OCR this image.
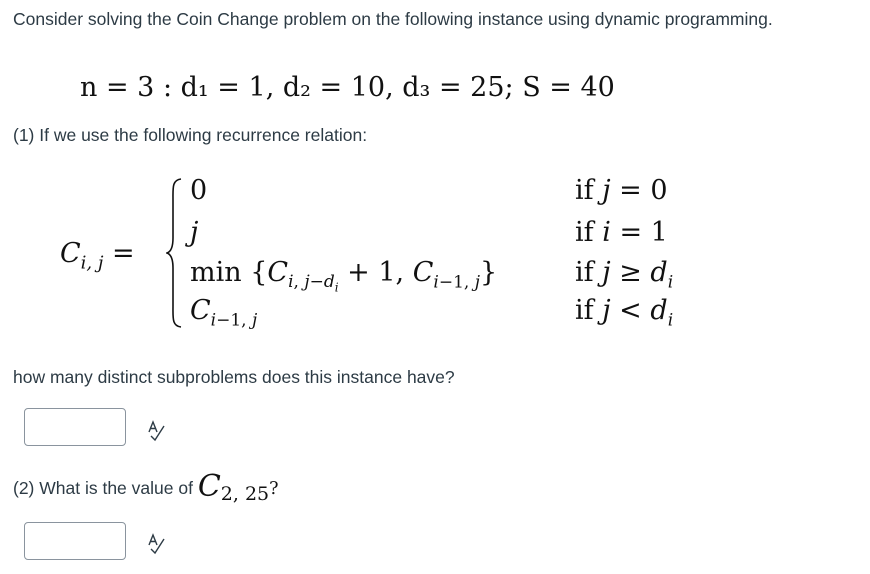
Consider solving the Coin Change problem on the following instance using dynamic programming.

n = 3 : d₁ = 1, d₂ = 10, d₃ = 25; S = 40

(1) If we use the following recurrence relation:

$C_{i, j}$ =
0
j
$\min \{C_{i, j-d_i} + 1$, $C_{i-1, j}$}
$C_{i-1, j}$
if j = 0
if i = 1
if $j \ge d_i$
if $j < d_i$

how many distinct subproblems does this instance have?

(2) What is the value of C2, 25?
